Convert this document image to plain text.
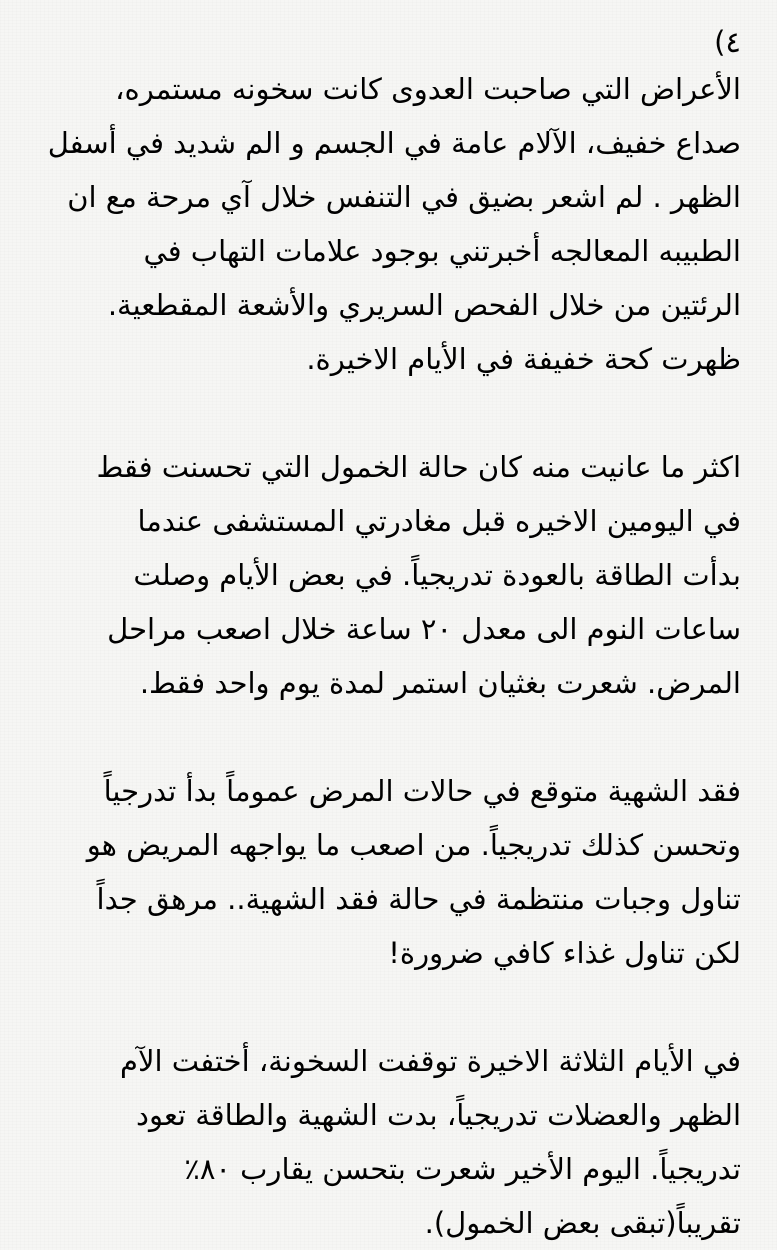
٤)
الأعراض التي صاحبت العدوى كانت سخونه مستمره،
صداع خفيف، الآلام عامة في الجسم و الم شديد في أسفل
الظهر . لم اشعر بضيق في التنفس خلال آي مرحة مع ان
الطبيبه المعالجه أخبرتني بوجود علامات التهاب في
الرئتين من خلال الفحص السريري والأشعة المقطعية.
ظهرت كحة خفيفة في الأيام الاخيرة.
اكثر ما عانيت منه كان حالة الخمول التي تحسنت فقط
في اليومين الاخيره قبل مغادرتي المستشفى عندما
بدأت الطاقة بالعودة تدريجياً. في بعض الأيام وصلت
ساعات النوم الى معدل ٢٠ ساعة خلال اصعب مراحل
المرض. شعرت بغثيان استمر لمدة يوم واحد فقط.
فقد الشهية متوقع في حالات المرض عموماً بدأ تدرجياً
وتحسن كذلك تدريجياً. من اصعب ما يواجهه المريض هو
تناول وجبات منتظمة في حالة فقد الشهية.. مرهق جداً
لكن تناول غذاء كافي ضرورة!
في الأيام الثلاثة الاخيرة توقفت السخونة، أختفت الآم
الظهر والعضلات تدريجياً، بدت الشهية والطاقة تعود
تدريجياً. اليوم الأخير شعرت بتحسن يقارب ٨٠٪
تقريباً(تبقى بعض الخمول).
